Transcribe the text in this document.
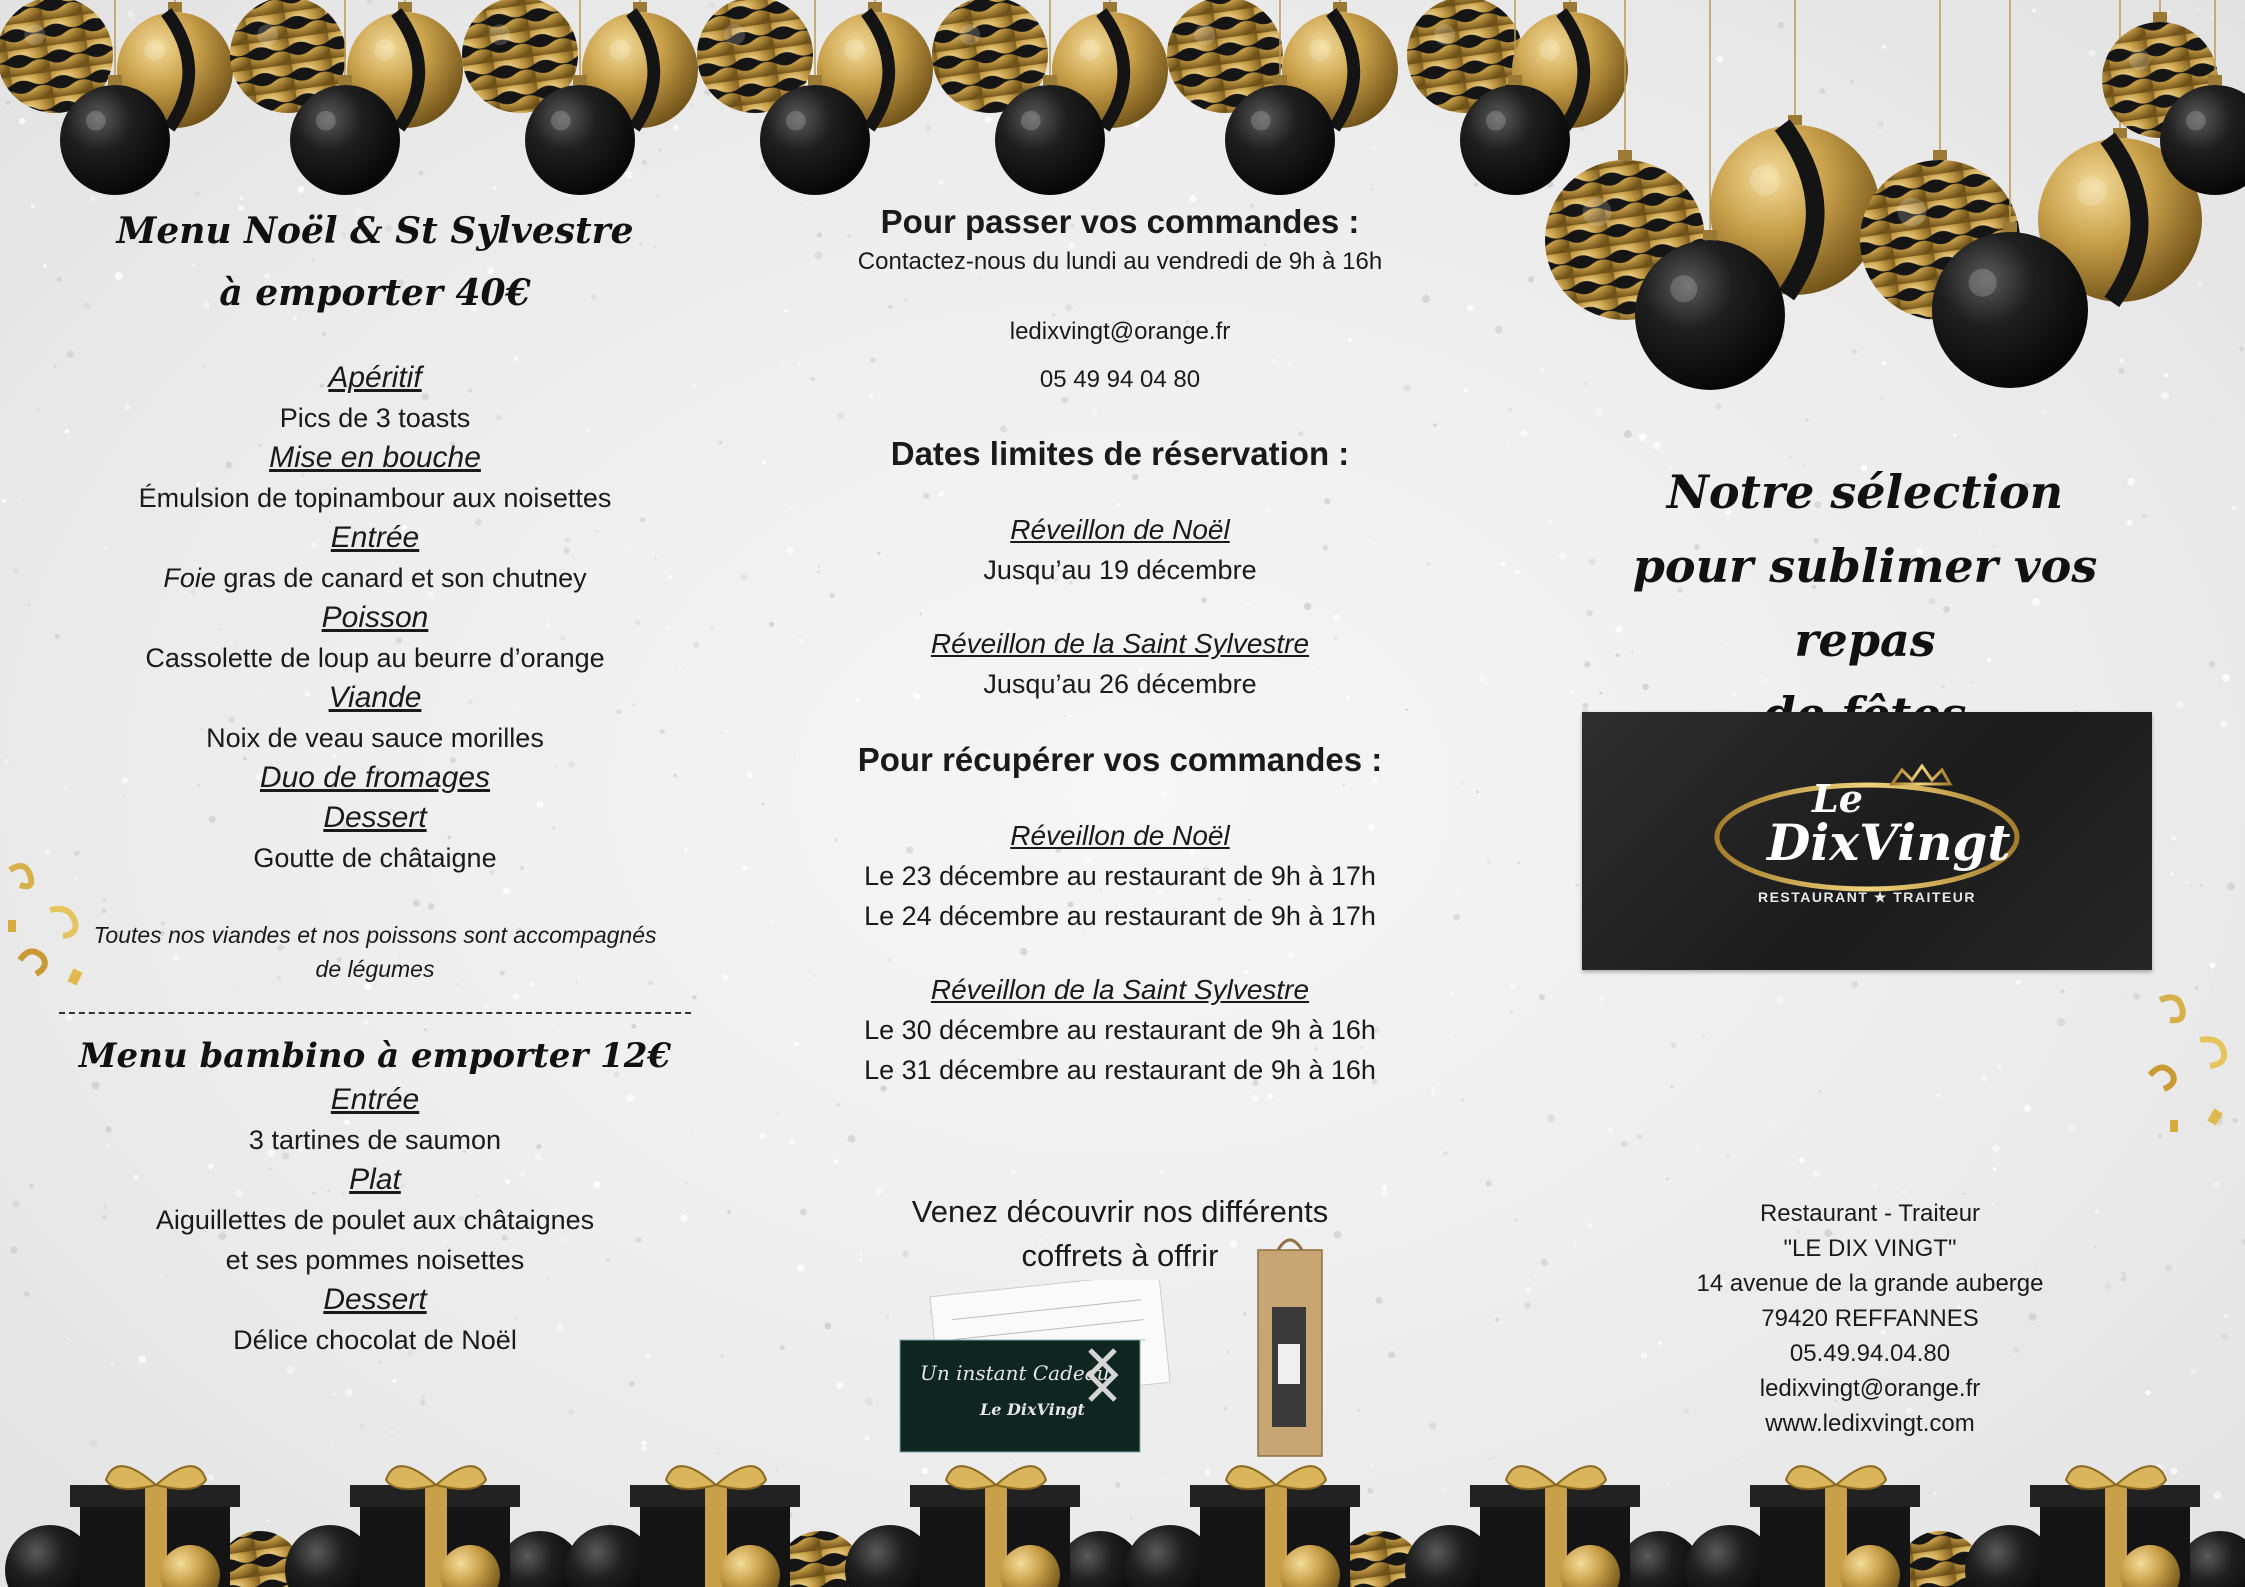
Menu Noël & St Sylvestre
à emporter 40€
Apéritif
Pics de 3 toasts
Mise en bouche
Émulsion de topinambour aux noisettes
Entrée
Foie gras de canard et son chutney
Poisson
Cassolette de loup au beurre d’orange
Viande
Noix de veau sauce morilles
Duo de fromages
Dessert
Goutte de châtaigne
Toutes nos viandes et nos poissons sont accompagnés
de légumes
Menu bambino à emporter 12€
Entrée
3 tartines de saumon
Plat
Aiguillettes de poulet aux châtaignes
et ses pommes noisettes
Dessert
Délice chocolat de Noël
Pour passer vos commandes :
Contactez-nous du lundi au vendredi de 9h à 16h
ledixvingt@orange.fr
05 49 94 04 80
Dates limites de réservation :
Réveillon de Noël
Jusqu’au 19 décembre
Réveillon de la Saint Sylvestre
Jusqu’au 26 décembre
Pour récupérer vos commandes :
Réveillon de Noël
Le 23 décembre au restaurant de 9h à 17h
Le 24 décembre au restaurant de 9h à 17h
Réveillon de la Saint Sylvestre
Le 30 décembre au restaurant de 9h à 16h
Le 31 décembre au restaurant de 9h à 16h
Venez découvrir nos différents
coffrets à offrir
Un instant Cadeau
Le DixVingt
Notre sélection
pour sublimer vos repas
Le
DixVingt
RESTAURANT ★ TRAITEUR
Restaurant - Traiteur
"LE DIX VINGT"
14 avenue de la grande auberge
79420 REFFANNES
05.49.94.04.80
ledixvingt@orange.fr
www.ledixvingt.com
